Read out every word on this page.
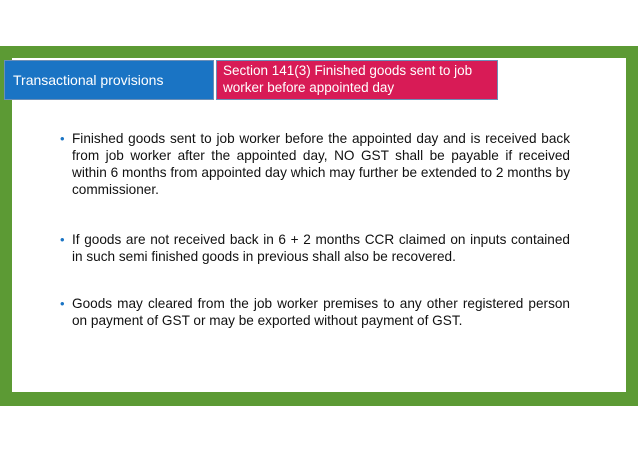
Transactional provisions
Section 141(3) Finished goods sent to job worker before appointed day
• Finished goods sent to job worker before the appointed day and is received back from job worker after the appointed day, NO GST shall be payable if received within 6 months from appointed day which may further be extended to 2 months by commissioner.
• If goods are not received back in 6 + 2 months CCR claimed on inputs contained in such semi finished goods in previous shall also be recovered.
• Goods may cleared from the job worker premises to any other registered person on payment of GST or may be exported without payment of GST.
